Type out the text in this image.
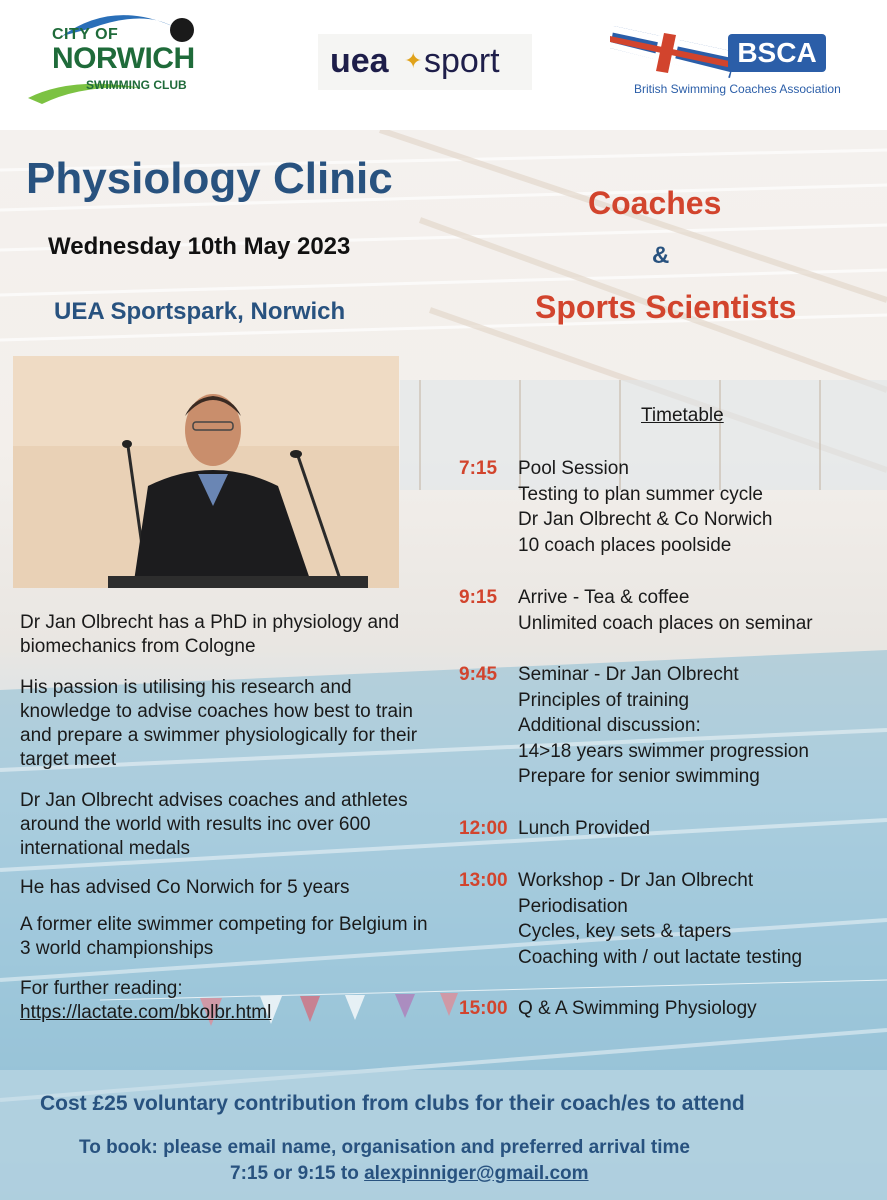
CITY OF
NORWICH
SWIMMING CLUB
uea ✦ sport	BSCA
British Swimming Coaches Association
Physiology Clinic
Wednesday 10th May 2023
UEA Sportspark, Norwich
Dr Jan Olbrecht has a PhD in physiology and biomechanics from Cologne
His passion is utilising his research and knowledge to advise coaches how best to train and prepare a swimmer physiologically for their target meet
Dr Jan Olbrecht advises coaches and athletes around the world with results inc over 600 international medals
He has advised Co Norwich for 5 years
A former elite swimmer competing for Belgium in 3 world championships
For further reading:
https://lactate.com/bkolbr.html
Coaches
&
Sports Scientists
Timetable
7:15 Pool Session
Testing to plan summer cycle
Dr Jan Olbrecht & Co Norwich
10 coach places poolside
9:15 Arrive - Tea & coffee
Unlimited coach places on seminar
9:45 Seminar - Dr Jan Olbrecht
Principles of training
Additional discussion:
14>18 years swimmer progression
Prepare for senior swimming
12:00 Lunch Provided
13:00 Workshop - Dr Jan Olbrecht
Periodisation
Cycles, key sets & tapers
Coaching with / out lactate testing
15:00 Q & A Swimming Physiology
Cost £25 voluntary contribution from clubs for their coach/es to attend
To book: please email name, organisation and preferred arrival time
7:15 or 9:15 to alexpinniger@gmail.com
